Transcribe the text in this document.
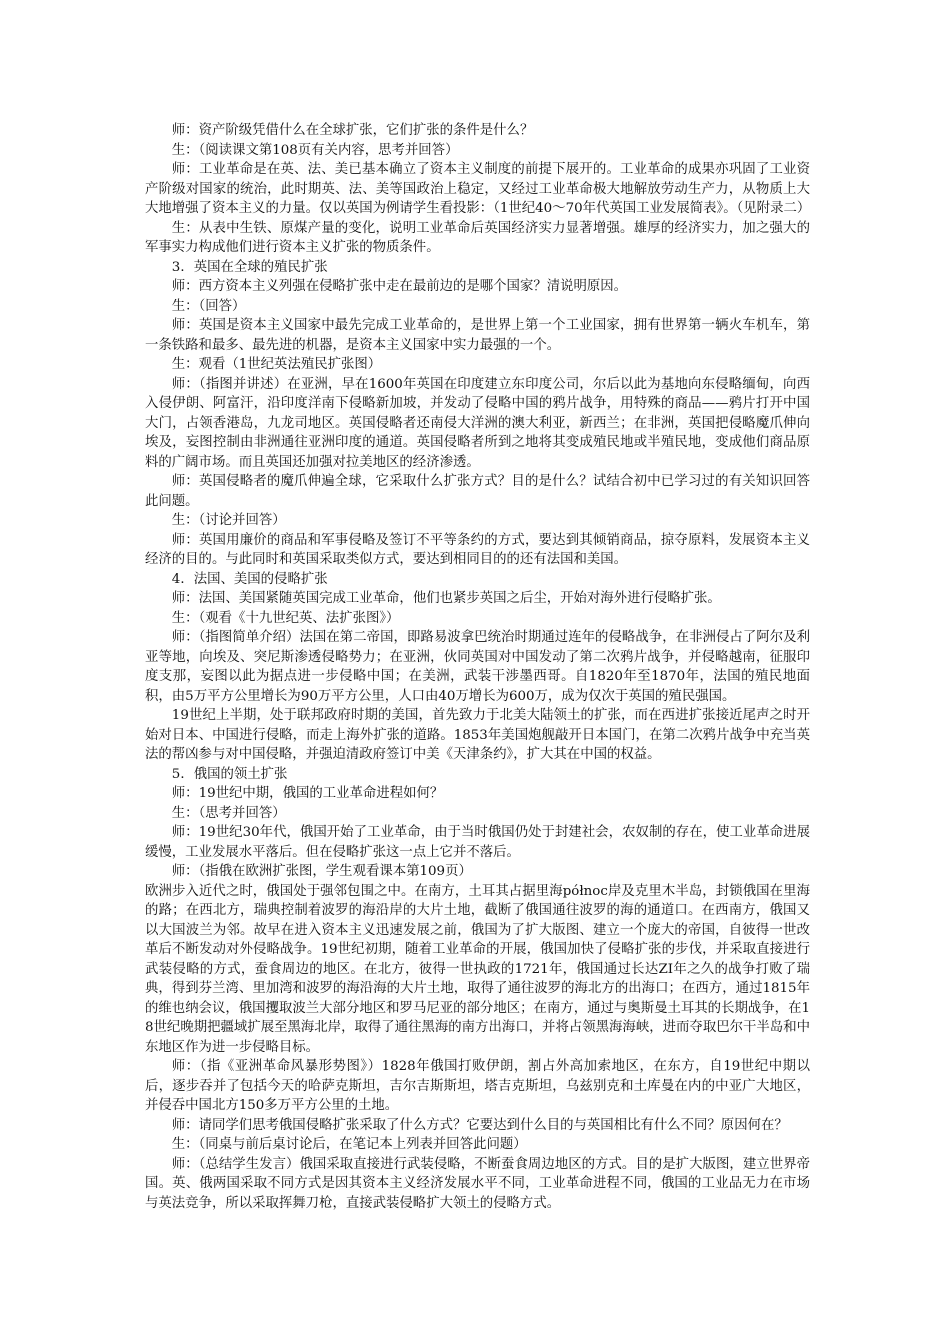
师：资产阶级凭借什么在全球扩张，它们扩张的条件是什么？

生：（阅读课文第108页有关内容，思考并回答）

师：工业革命是在英、法、美已基本确立了资本主义制度的前提下展开的。工业革命的成果亦巩固了工业资产阶级对国家的统治，此时期英、法、美等国政治上稳定，又经过工业革命极大地解放劳动生产力，从物质上大大地增强了资本主义的力量。仅以英国为例请学生看投影：（1世纪40～70年代英国工业发展简表》。（见附录二）

生：从表中生铁、原煤产量的变化，说明工业革命后英国经济实力显著增强。雄厚的经济实力，加之强大的军事实力构成他们进行资本主义扩张的物质条件。

3．英国在全球的殖民扩张

师：西方资本主义列强在侵略扩张中走在最前边的是哪个国家？清说明原因。

生：（回答）

师：英国是资本主义国家中最先完成工业革命的，是世界上第一个工业国家，拥有世界第一辆火车机车，第一条铁路和最多、最先进的机器，是资本主义国家中实力最强的一个。

生：观看（1世纪英法殖民扩张图）

师：（指图并讲述）在亚洲，早在1600年英国在印度建立东印度公司，尔后以此为基地向东侵略缅甸，向西入侵伊朗、阿富汗，沿印度洋南下侵略新加坡，并发动了侵略中国的鸦片战争，用特殊的商品——鸦片打开中国大门，占领香港岛，九龙司地区。英国侵略者还南侵大洋洲的澳大利亚，新西兰；在非洲，英国把侵略魔爪伸向埃及，妄图控制由非洲通往亚洲印度的通道。英国侵略者所到之地将其变成殖民地或半殖民地，变成他们商品原料的广阔市场。而且英国还加强对拉美地区的经济渗透。

师：英国侵略者的魔爪伸遍全球，它采取什么扩张方式？目的是什么？试结合初中已学习过的有关知识回答此问题。

生：（讨论并回答）

师：英国用廉价的商品和军事侵略及签订不平等条约的方式，要达到其倾销商品，掠夺原料，发展资本主义经济的目的。与此同时和英国采取类似方式，要达到相同目的的还有法国和美国。

4．法国、美国的侵略扩张

师：法国、美国紧随英国完成工业革命，他们也紧步英国之后尘，开始对海外进行侵略扩张。

生：（观看《十九世纪英、法扩张图》）

师：（指图简单介绍）法国在第二帝国，即路易波拿巴统治时期通过连年的侵略战争，在非洲侵占了阿尔及利亚等地，向埃及、突尼斯渗透侵略势力；在亚洲，伙同英国对中国发动了第二次鸦片战争，并侵略越南，征服印度支那，妄图以此为据点进一步侵略中国；在美洲，武装干涉墨西哥。自1820年至1870年，法国的殖民地面积，由5万平方公里增长为90万平方公里，人口由40万增长为600万，成为仅次于英国的殖民强国。

19世纪上半期，处于联邦政府时期的美国，首先致力于北美大陆领土的扩张，而在西进扩张接近尾声之时开始对日本、中国进行侵略，而走上海外扩张的道路。1853年美国炮舰敲开日本国门，在第二次鸦片战争中充当英法的帮凶参与对中国侵略，并强迫清政府签订中美《天津条约》，扩大其在中国的权益。

5．俄国的领土扩张

师：19世纪中期，俄国的工业革命进程如何？

生：（思考并回答）

师：19世纪30年代，俄国开始了工业革命，由于当时俄国仍处于封建社会，农奴制的存在，使工业革命进展缓慢，工业发展水平落后。但在侵略扩张这一点上它并不落后。

师：（指俄在欧洲扩张图，学生观看课本第109页）

欧洲步入近代之时，俄国处于强邻包围之中。在南方，土耳其占据里海północ岸及克里木半岛，封锁俄国在里海的路；在西北方，瑞典控制着波罗的海沿岸的大片土地，截断了俄国通往波罗的海的通道口。在西南方，俄国又以大国波兰为邻。故早在进入资本主义迅速发展之前，俄国为了扩大版图、建立一个庞大的帝国，自彼得一世改革后不断发动对外侵略战争。19世纪初期，随着工业革命的开展，俄国加快了侵略扩张的步伐，并采取直接进行武装侵略的方式，蚕食周边的地区。在北方，彼得一世执政的1721年，俄国通过长达ZI年之久的战争打败了瑞典，得到芬兰湾、里加湾和波罗的海沿海的大片土地，取得了通往波罗的海北方的出海口；在西方，通过1815年的维也纳会议，俄国攫取波兰大部分地区和罗马尼亚的部分地区；在南方，通过与奥斯曼土耳其的长期战争，在18世纪晚期把疆域扩展至黑海北岸，取得了通往黑海的南方出海口，并将占领黑海海峡，进而夺取巴尔干半岛和中东地区作为进一步侵略目标。

师：（指《亚洲革命风暴形势图》）1828年俄国打败伊朗，割占外高加索地区，在东方，自19世纪中期以后，逐步吞并了包括今天的哈萨克斯坦，吉尔吉斯斯坦，塔吉克斯坦，乌兹别克和土库曼在内的中亚广大地区，并侵吞中国北方150多万平方公里的土地。

师：请同学们思考俄国侵略扩张采取了什么方式？它要达到什么目的与英国相比有什么不同？原因何在？

生：（同桌与前后桌讨论后，在笔记本上列表并回答此问题）

师：（总结学生发言）俄国采取直接进行武装侵略，不断蚕食周边地区的方式。目的是扩大版图，建立世界帝国。英、俄两国采取不同方式是因其资本主义经济发展水平不同，工业革命进程不同，俄国的工业品无力在市场与英法竞争，所以采取挥舞刀枪，直接武装侵略扩大领土的侵略方式。
